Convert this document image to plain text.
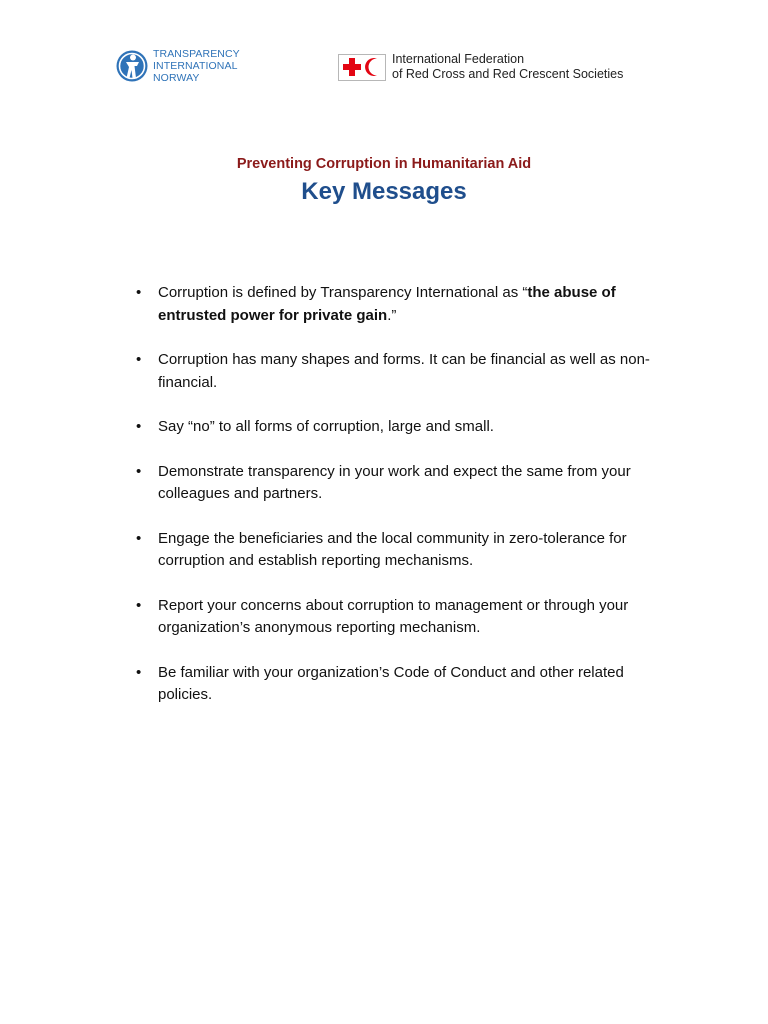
TRANSPARENCY
INTERNATIONAL
NORWAY
International Federation
of Red Cross and Red Crescent Societies
Preventing Corruption in Humanitarian Aid
Key Messages
• Corruption is defined by Transparency International as “the abuse of entrusted power for private gain.”
• Corruption has many shapes and forms. It can be financial as well as non-financial.
• Say “no” to all forms of corruption, large and small.
• Demonstrate transparency in your work and expect the same from your colleagues and partners.
• Engage the beneficiaries and the local community in zero-tolerance for corruption and establish reporting mechanisms.
• Report your concerns about corruption to management or through your organization’s anonymous reporting mechanism.
• Be familiar with your organization’s Code of Conduct and other related policies.
